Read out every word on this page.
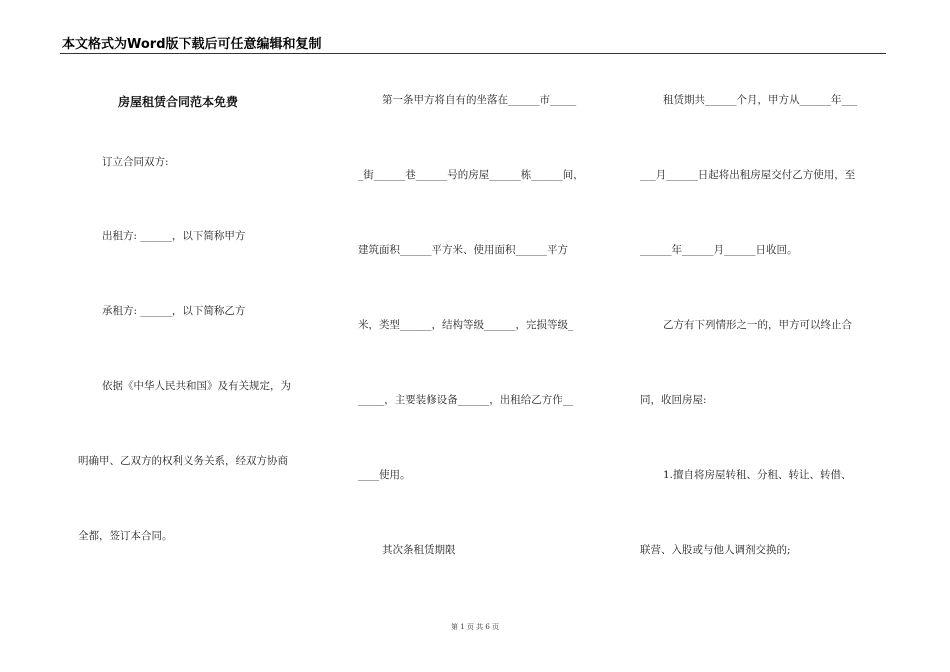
本文格式为Word版下载后可任意编辑和复制
房屋租赁合同范本免费
订立合同双方:
出租方: ______，以下简称甲方
承租方: ______，以下简称乙方
依据《中华人民共和国》及有关规定，为
明确甲、乙双方的权利义务关系，经双方协商
全都，签订本合同。
第一条甲方将自有的坐落在______市_____
_街______巷______号的房屋______栋______间，
建筑面积______平方米、使用面积______平方
米，类型______，结构等级______，完损等级_
_____，主要装修设备______，出租给乙方作__
____使用。
其次条租赁期限
租赁期共______个月，甲方从______年___
___月______日起将出租房屋交付乙方使用，至
______年______月______日收回。
乙方有下列情形之一的，甲方可以终止合
同，收回房屋:
1.擅自将房屋转租、分租、转让、转借、
联营、入股或与他人调剂交换的;
第 1 页 共 6 页
